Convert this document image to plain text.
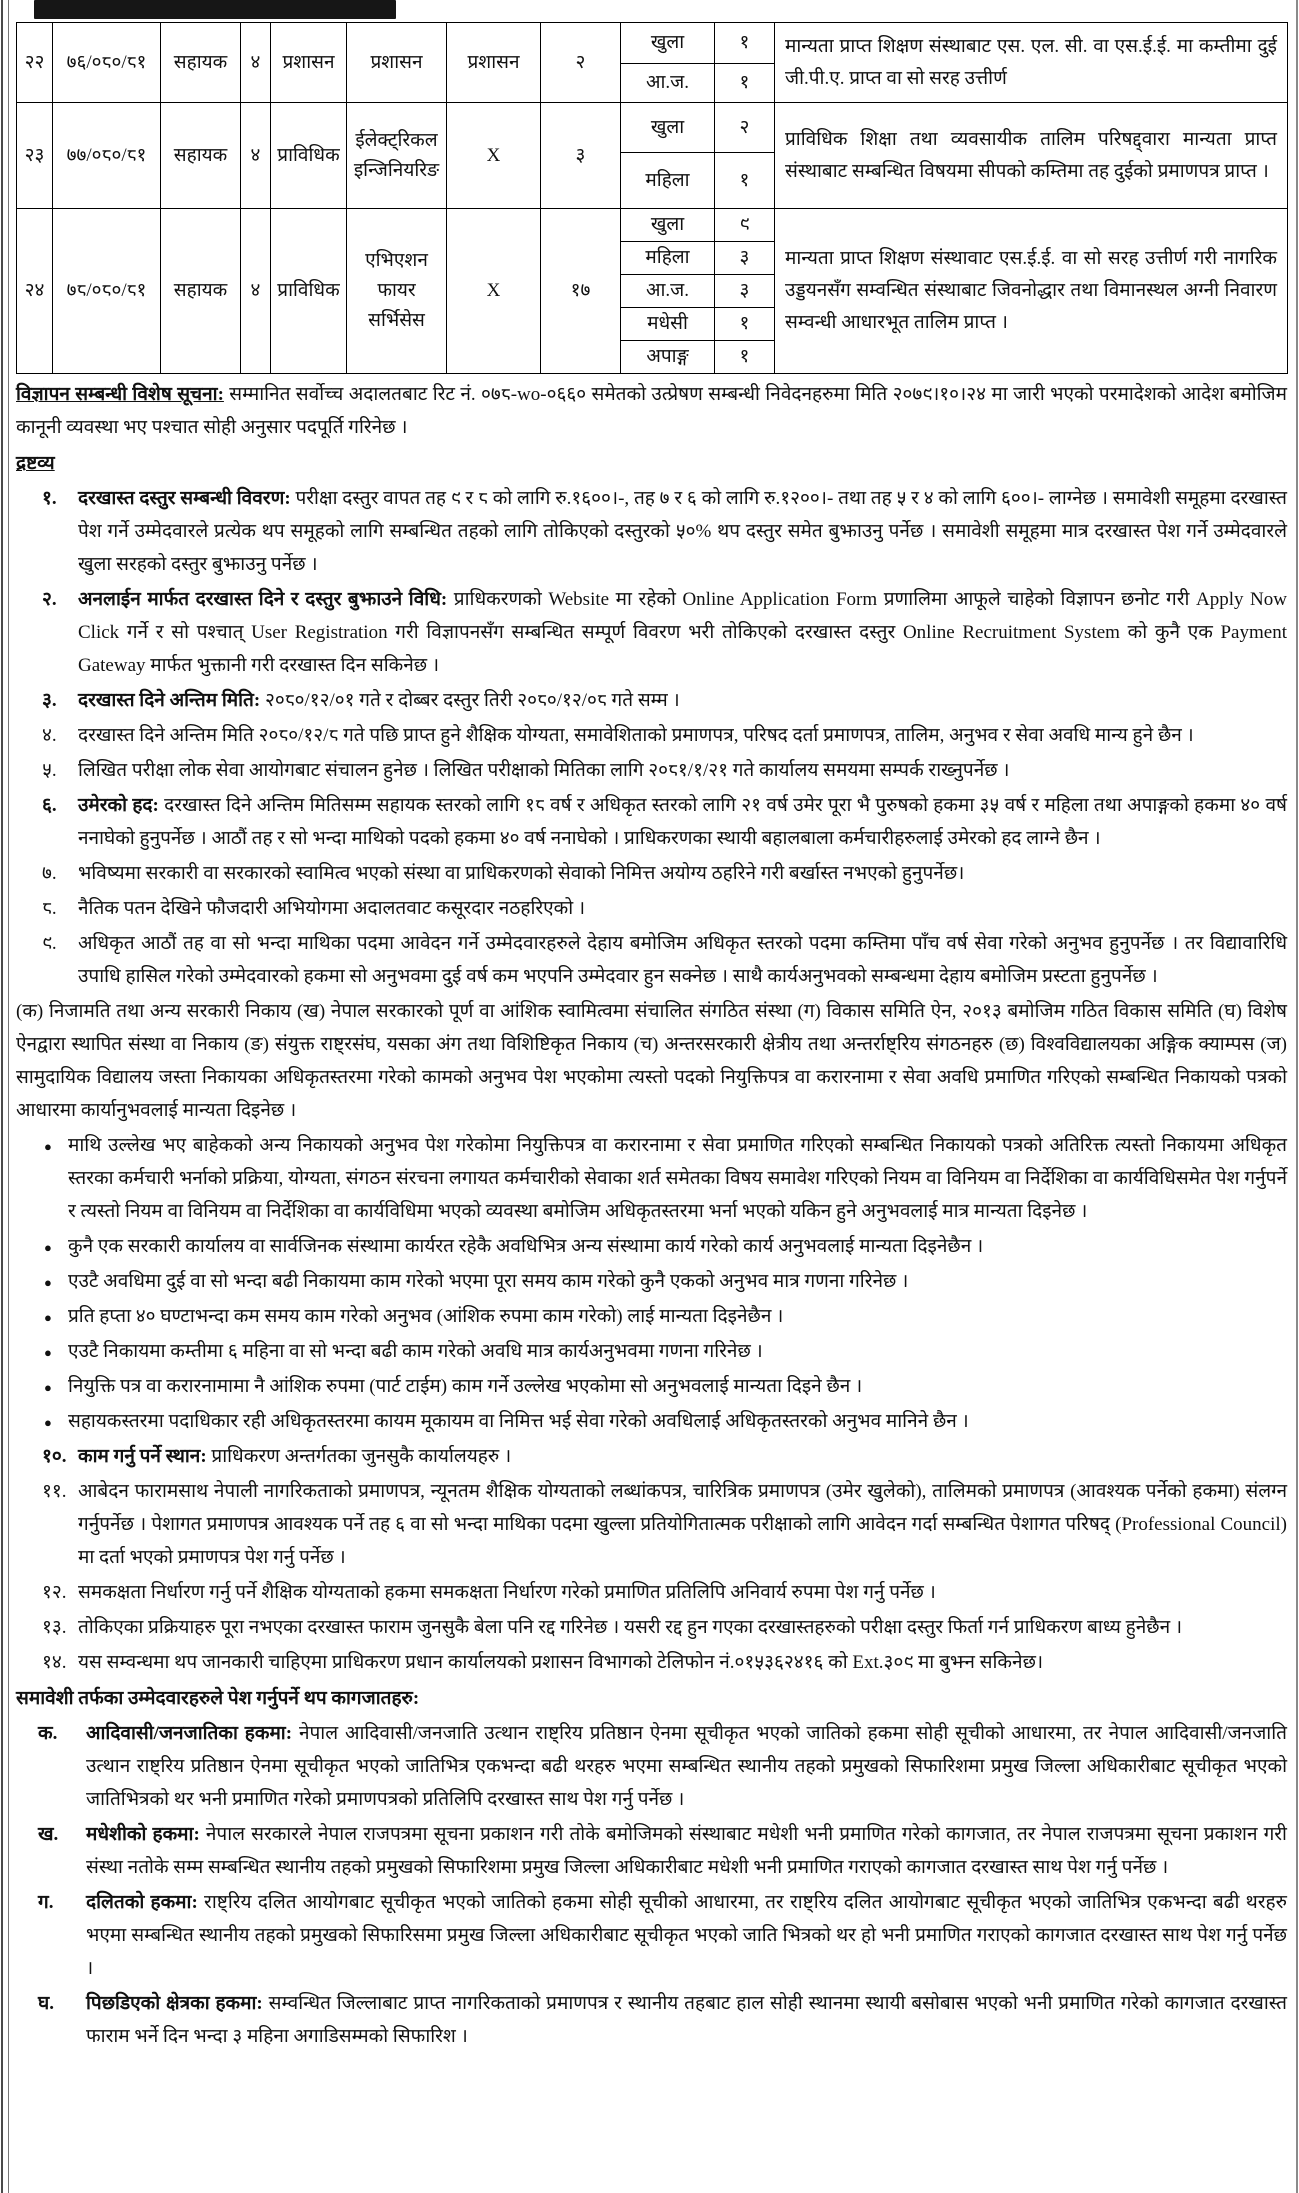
२२	७६/०८०/८१	सहायक	४	प्रशासन	प्रशासन	प्रशासन	२	खुला	१	मान्यता प्राप्त शिक्षण संस्थाबाट एस. एल. सी. वा एस.ई.ई. मा कम्तीमा दुई जी.पी.ए. प्राप्त वा सो सरह उत्तीर्ण
								आ.ज.	१	
२३	७७/०८०/८१	सहायक	४	प्राविधिक	ईलेक्ट्रिकल इन्जिनियरिङ	X	३	खुला	२	प्राविधिक शिक्षा तथा व्यवसायीक तालिम परिषद्द्वारा मान्यता प्राप्त संस्थाबाट सम्बन्धित विषयमा सीपको कम्तिमा तह दुईको प्रमाणपत्र प्राप्त ।
								महिला	१	
२४	७८/०८०/८१	सहायक	४	प्राविधिक	एभिएशन फायर सर्भिसेस	X	१७	खुला	९	मान्यता प्राप्त शिक्षण संस्थावाट एस.ई.ई. वा सो सरह उत्तीर्ण गरी नागरिक उड्डयनसँग सम्वन्धित संस्थाबाट जिवनोद्धार तथा विमानस्थल अग्नी निवारण सम्वन्धी आधारभूत तालिम प्राप्त ।
								महिला	३	
								आ.ज.	३	
								मधेसी	१	
								अपाङ्ग	१	
विज्ञापन सम्बन्धी विशेष सूचना: सम्मानित सर्वोच्च अदालतबाट रिट नं. ०७८-wo-०६६० समेतको उत्प्रेषण सम्बन्धी निवेदनहरुमा मिति २०७९।१०।२४ मा जारी भएको परमादेशको आदेश बमोजिम कानूनी व्यवस्था भए पश्चात सोही अनुसार पदपूर्ति गरिनेछ ।
द्रष्टव्य
१. दरखास्त दस्तुर सम्बन्धी विवरण: परीक्षा दस्तुर वापत तह ९ र ८ को लागि रु.१६००।-, तह ७ र ६ को लागि रु.१२००।- तथा तह ५ र ४ को लागि ६००।- लाग्नेछ । समावेशी समूहमा दरखास्त पेश गर्ने उम्मेदवारले प्रत्येक थप समूहको लागि सम्बन्धित तहको लागि तोकिएको दस्तुरको ५०% थप दस्तुर समेत बुझाउनु पर्नेछ । समावेशी समूहमा मात्र दरखास्त पेश गर्ने उम्मेदवारले खुला सरहको दस्तुर बुझाउनु पर्नेछ ।
२. अनलाईन मार्फत दरखास्त दिने र दस्तुर बुझाउने विधि: प्राधिकरणको Website मा रहेको Online Application Form प्रणालिमा आफूले चाहेको विज्ञापन छनोट गरी Apply Now Click गर्ने र सो पश्चात् User Registration गरी विज्ञापनसँग सम्बन्धित सम्पूर्ण विवरण भरी तोकिएको दरखास्त दस्तुर Online Recruitment System को कुनै एक Payment Gateway मार्फत भुक्तानी गरी दरखास्त दिन सकिनेछ ।
३. दरखास्त दिने अन्तिम मिति: २०८०/१२/०१ गते र दोब्बर दस्तुर तिरी २०८०/१२/०८ गते सम्म ।
४. दरखास्त दिने अन्तिम मिति २०८०/१२/८ गते पछि प्राप्त हुने शैक्षिक योग्यता, समावेशिताको प्रमाणपत्र, परिषद दर्ता प्रमाणपत्र, तालिम, अनुभव र सेवा अवधि मान्य हुने छैन ।
५. लिखित परीक्षा लोक सेवा आयोगबाट संचालन हुनेछ । लिखित परीक्षाको मितिका लागि २०८१/१/२१ गते कार्यालय समयमा सम्पर्क राख्नुपर्नेछ ।
६. उमेरको हद: दरखास्त दिने अन्तिम मितिसम्म सहायक स्तरको लागि १८ वर्ष र अधिकृत स्तरको लागि २१ वर्ष उमेर पूरा भै पुरुषको हकमा ३५ वर्ष र महिला तथा अपाङ्गको हकमा ४० वर्ष ननाघेको हुनुपर्नेछ । आठौं तह र सो भन्दा माथिको पदको हकमा ४० वर्ष ननाघेको । प्राधिकरणका स्थायी बहालबाला कर्मचारीहरुलाई उमेरको हद लाग्ने छैन ।
७. भविष्यमा सरकारी वा सरकारको स्वामित्व भएको संस्था वा प्राधिकरणको सेवाको निमित्त अयोग्य ठहरिने गरी बर्खास्त नभएको हुनुपर्नेछ।
८. नैतिक पतन देखिने फौजदारी अभियोगमा अदालतवाट कसूरदार नठहरिएको ।
९. अधिकृत आठौं तह वा सो भन्दा माथिका पदमा आवेदन गर्ने उम्मेदवारहरुले देहाय बमोजिम अधिकृत स्तरको पदमा कम्तिमा पाँच वर्ष सेवा गरेको अनुभव हुनुपर्नेछ । तर विद्यावारिधि उपाधि हासिल गरेको उम्मेदवारको हकमा सो अनुभवमा दुई वर्ष कम भएपनि उम्मेदवार हुन सक्नेछ । साथै कार्यअनुभवको सम्बन्धमा देहाय बमोजिम प्रस्टता हुनुपर्नेछ ।
(क) निजामति तथा अन्य सरकारी निकाय (ख) नेपाल सरकारको पूर्ण वा आंशिक स्वामित्वमा संचालित संगठित संस्था (ग) विकास समिति ऐन, २०१३ बमोजिम गठित विकास समिति (घ) विशेष ऐनद्वारा स्थापित संस्था वा निकाय (ङ) संयुक्त राष्ट्रसंघ, यसका अंग तथा विशिष्टिकृत निकाय (च) अन्तरसरकारी क्षेत्रीय तथा अन्तर्राष्ट्रिय संगठनहरु (छ) विश्वविद्यालयका अङ्गिक क्याम्पस (ज) सामुदायिक विद्यालय जस्ता निकायका अधिकृतस्तरमा गरेको कामको अनुभव पेश भएकोमा त्यस्तो पदको नियुक्तिपत्र वा करारनामा र सेवा अवधि प्रमाणित गरिएको सम्बन्धित निकायको पत्रको आधारमा कार्यानुभवलाई मान्यता दिइनेछ ।
● माथि उल्लेख भए बाहेकको अन्य निकायको अनुभव पेश गरेकोमा नियुक्तिपत्र वा करारनामा र सेवा प्रमाणित गरिएको सम्बन्धित निकायको पत्रको अतिरिक्त त्यस्तो निकायमा अधिकृत स्तरका कर्मचारी भर्नाको प्रक्रिया, योग्यता, संगठन संरचना लगायत कर्मचारीको सेवाका शर्त समेतका विषय समावेश गरिएको नियम वा विनियम वा निर्देशिका वा कार्यविधिसमेत पेश गर्नुपर्ने र त्यस्तो नियम वा विनियम वा निर्देशिका वा कार्यविधिमा भएको व्यवस्था बमोजिम अधिकृतस्तरमा भर्ना भएको यकिन हुने अनुभवलाई मात्र मान्यता दिइनेछ ।
● कुनै एक सरकारी कार्यालय वा सार्वजिनक संस्थामा कार्यरत रहेकै अवधिभित्र अन्य संस्थामा कार्य गरेको कार्य अनुभवलाई मान्यता दिइनेछैन ।
● एउटै अवधिमा दुई वा सो भन्दा बढी निकायमा काम गरेको भएमा पूरा समय काम गरेको कुनै एकको अनुभव मात्र गणना गरिनेछ ।
● प्रति हप्ता ४० घण्टाभन्दा कम समय काम गरेको अनुभव (आंशिक रुपमा काम गरेको) लाई मान्यता दिइनेछैन ।
● एउटै निकायमा कम्तीमा ६ महिना वा सो भन्दा बढी काम गरेको अवधि मात्र कार्यअनुभवमा गणना गरिनेछ ।
● नियुक्ति पत्र वा करारनामामा नै आंशिक रुपमा (पार्ट टाईम) काम गर्ने उल्लेख भएकोमा सो अनुभवलाई मान्यता दिइने छैन ।
● सहायकस्तरमा पदाधिकार रही अधिकृतस्तरमा कायम मूकायम वा निमित्त भई सेवा गरेको अवधिलाई अधिकृतस्तरको अनुभव मानिने छैन ।
१०. काम गर्नु पर्ने स्थान: प्राधिकरण अन्तर्गतका जुनसुकै कार्यालयहरु ।
११. आबेदन फारामसाथ नेपाली नागरिकताको प्रमाणपत्र, न्यूनतम शैक्षिक योग्यताको लब्धांकपत्र, चारित्रिक प्रमाणपत्र (उमेर खुलेको), तालिमको प्रमाणपत्र (आवश्यक पर्नेको हकमा) संलग्न गर्नुपर्नेछ । पेशागत प्रमाणपत्र आवश्यक पर्ने तह ६ वा सो भन्दा माथिका पदमा खुल्ला प्रतियोगितात्मक परीक्षाको लागि आवेदन गर्दा सम्बन्धित पेशागत परिषद् (Professional Council) मा दर्ता भएको प्रमाणपत्र पेश गर्नु पर्नेछ ।
१२. समकक्षता निर्धारण गर्नु पर्ने शैक्षिक योग्यताको हकमा समकक्षता निर्धारण गरेको प्रमाणित प्रतिलिपि अनिवार्य रुपमा पेश गर्नु पर्नेछ ।
१३. तोकिएका प्रक्रियाहरु पूरा नभएका दरखास्त फाराम जुनसुकै बेला पनि रद्द गरिनेछ । यसरी रद्द हुन गएका दरखास्तहरुको परीक्षा दस्तुर फिर्ता गर्न प्राधिकरण बाध्य हुनेछैन ।
१४. यस सम्वन्धमा थप जानकारी चाहिएमा प्राधिकरण प्रधान कार्यालयको प्रशासन विभागको टेलिफोन नं.०१५३६२४१६ को Ext.३०९ मा बुझ्न सकिनेछ।
समावेशी तर्फका उम्मेदवारहरुले पेश गर्नुपर्ने थप कागजातहरु:
क. आदिवासी/जनजातिका हकमा: नेपाल आदिवासी/जनजाति उत्थान राष्ट्रिय प्रतिष्ठान ऐनमा सूचीकृत भएको जातिको हकमा सोही सूचीको आधारमा, तर नेपाल आदिवासी/जनजाति उत्थान राष्ट्रिय प्रतिष्ठान ऐनमा सूचीकृत भएको जातिभित्र एकभन्दा बढी थरहरु भएमा सम्बन्धित स्थानीय तहको प्रमुखको सिफारिशमा प्रमुख जिल्ला अधिकारीबाट सूचीकृत भएको जातिभित्रको थर भनी प्रमाणित गरेको प्रमाणपत्रको प्रतिलिपि दरखास्त साथ पेश गर्नु पर्नेछ ।
ख. मधेशीको हकमा: नेपाल सरकारले नेपाल राजपत्रमा सूचना प्रकाशन गरी तोके बमोजिमको संस्थाबाट मधेशी भनी प्रमाणित गरेको कागजात, तर नेपाल राजपत्रमा सूचना प्रकाशन गरी संस्था नतोके सम्म सम्बन्धित स्थानीय तहको प्रमुखको सिफारिशमा प्रमुख जिल्ला अधिकारीबाट मधेशी भनी प्रमाणित गराएको कागजात दरखास्त साथ पेश गर्नु पर्नेछ ।
ग. दलितको हकमा: राष्ट्रिय दलित आयोगबाट सूचीकृत भएको जातिको हकमा सोही सूचीको आधारमा, तर राष्ट्रिय दलित आयोगबाट सूचीकृत भएको जातिभित्र एकभन्दा बढी थरहरु भएमा सम्बन्धित स्थानीय तहको प्रमुखको सिफारिसमा प्रमुख जिल्ला अधिकारीबाट सूचीकृत भएको जाति भित्रको थर हो भनी प्रमाणित गराएको कागजात दरखास्त साथ पेश गर्नु पर्नेछ ।
घ. पिछडिएको क्षेत्रका हकमा: सम्वन्धित जिल्लाबाट प्राप्त नागरिकताको प्रमाणपत्र र स्थानीय तहबाट हाल सोही स्थानमा स्थायी बसोबास भएको भनी प्रमाणित गरेको कागजात दरखास्त फाराम भर्ने दिन भन्दा ३ महिना अगाडिसम्मको सिफारिश ।
